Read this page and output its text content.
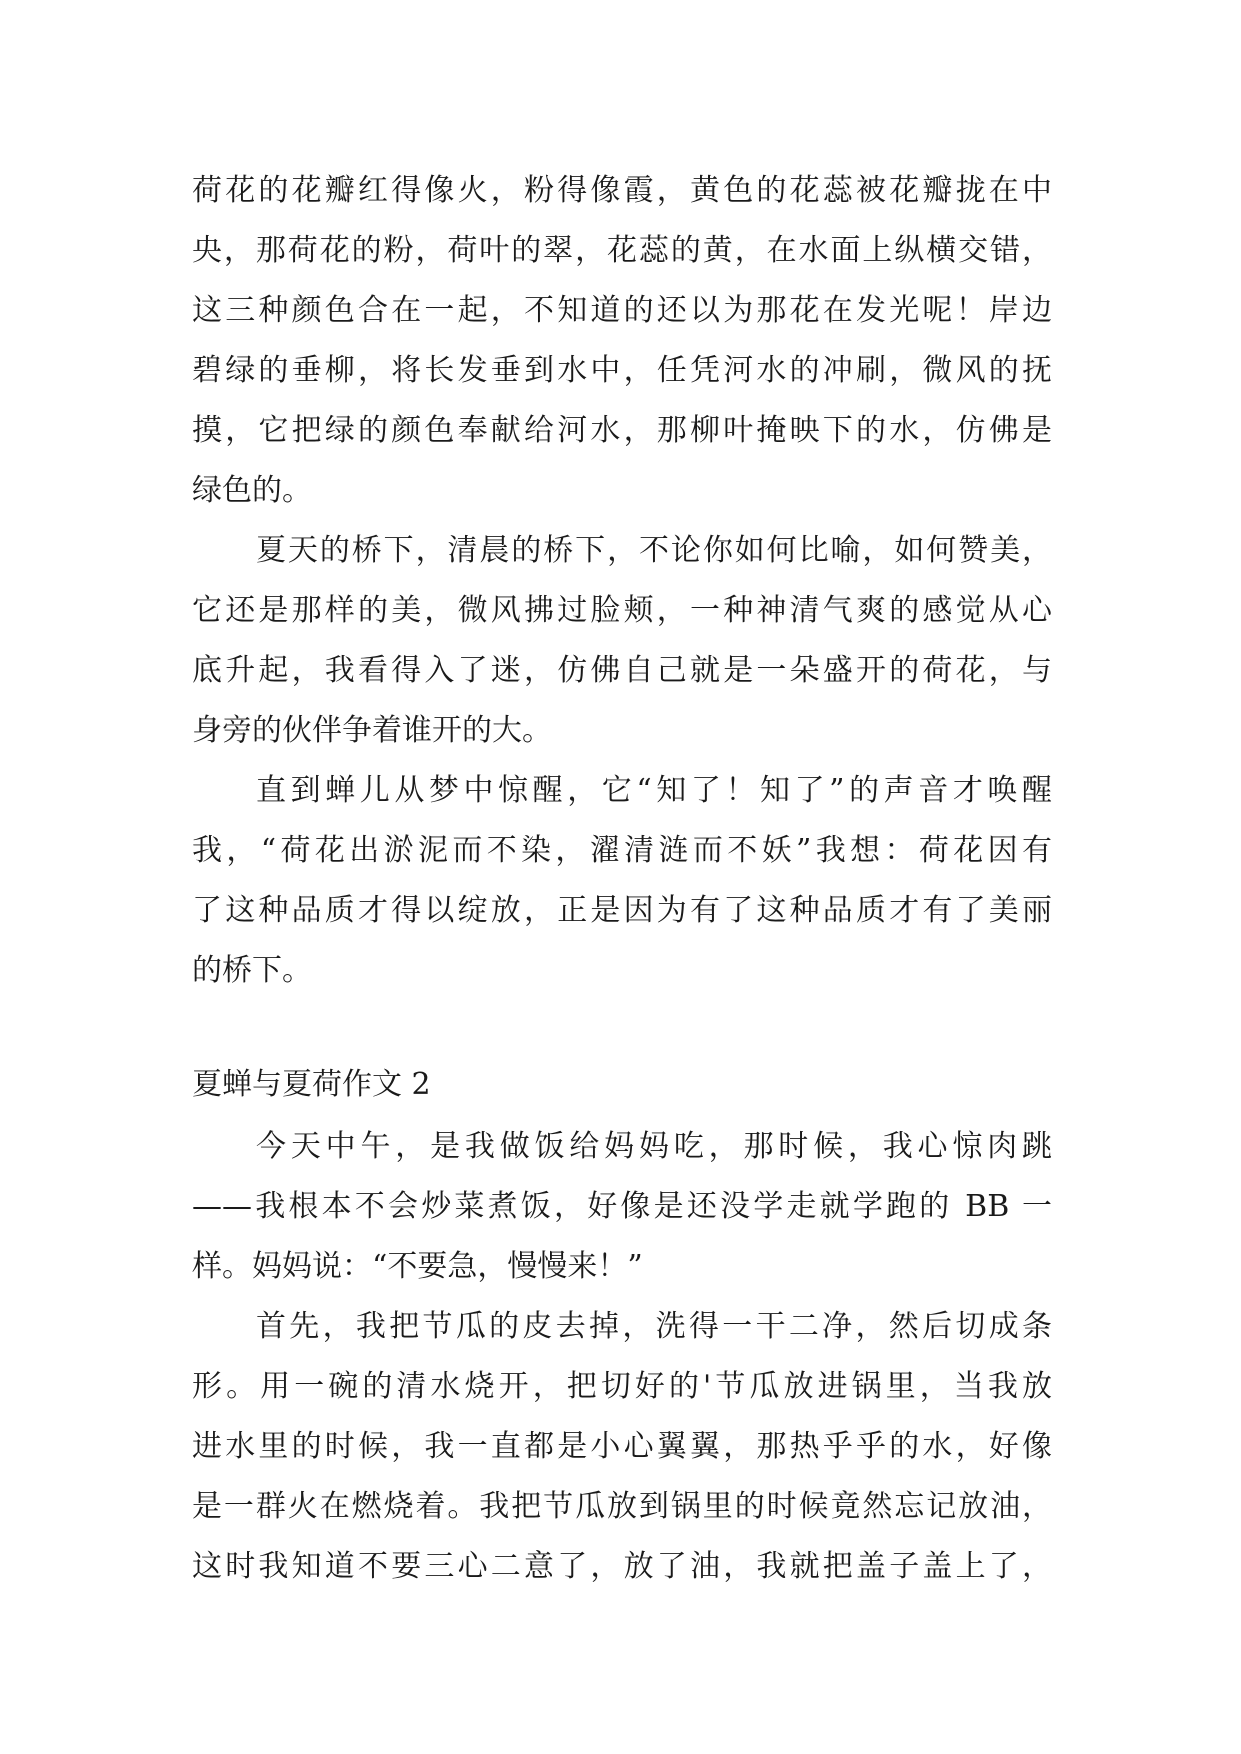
荷花的花瓣红得像火，粉得像霞，黄色的花蕊被花瓣拢在中
央，那荷花的粉，荷叶的翠，花蕊的黄，在水面上纵横交错，
这三种颜色合在一起，不知道的还以为那花在发光呢！岸边
碧绿的垂柳，将长发垂到水中，任凭河水的冲刷，微风的抚
摸，它把绿的颜色奉献给河水，那柳叶掩映下的水，仿佛是
绿色的。
夏天的桥下，清晨的桥下，不论你如何比喻，如何赞美，
它还是那样的美，微风拂过脸颊，一种神清气爽的感觉从心
底升起，我看得入了迷，仿佛自己就是一朵盛开的荷花，与
身旁的伙伴争着谁开的大。
直到蝉儿从梦中惊醒，它“知了！知了”的声音才唤醒
我，“荷花出淤泥而不染，濯清涟而不妖”我想：荷花因有
了这种品质才得以绽放，正是因为有了这种品质才有了美丽
的桥下。
夏蝉与夏荷作文 2
今天中午，是我做饭给妈妈吃，那时候，我心惊肉跳
——我根本不会炒菜煮饭，好像是还没学走就学跑的 BB 一
样。妈妈说：“不要急，慢慢来！”
首先，我把节瓜的皮去掉，洗得一干二净，然后切成条
形。用一碗的清水烧开，把切好的'节瓜放进锅里，当我放
进水里的时候，我一直都是小心翼翼，那热乎乎的水，好像
是一群火在燃烧着。我把节瓜放到锅里的时候竟然忘记放油，
这时我知道不要三心二意了，放了油，我就把盖子盖上了，
